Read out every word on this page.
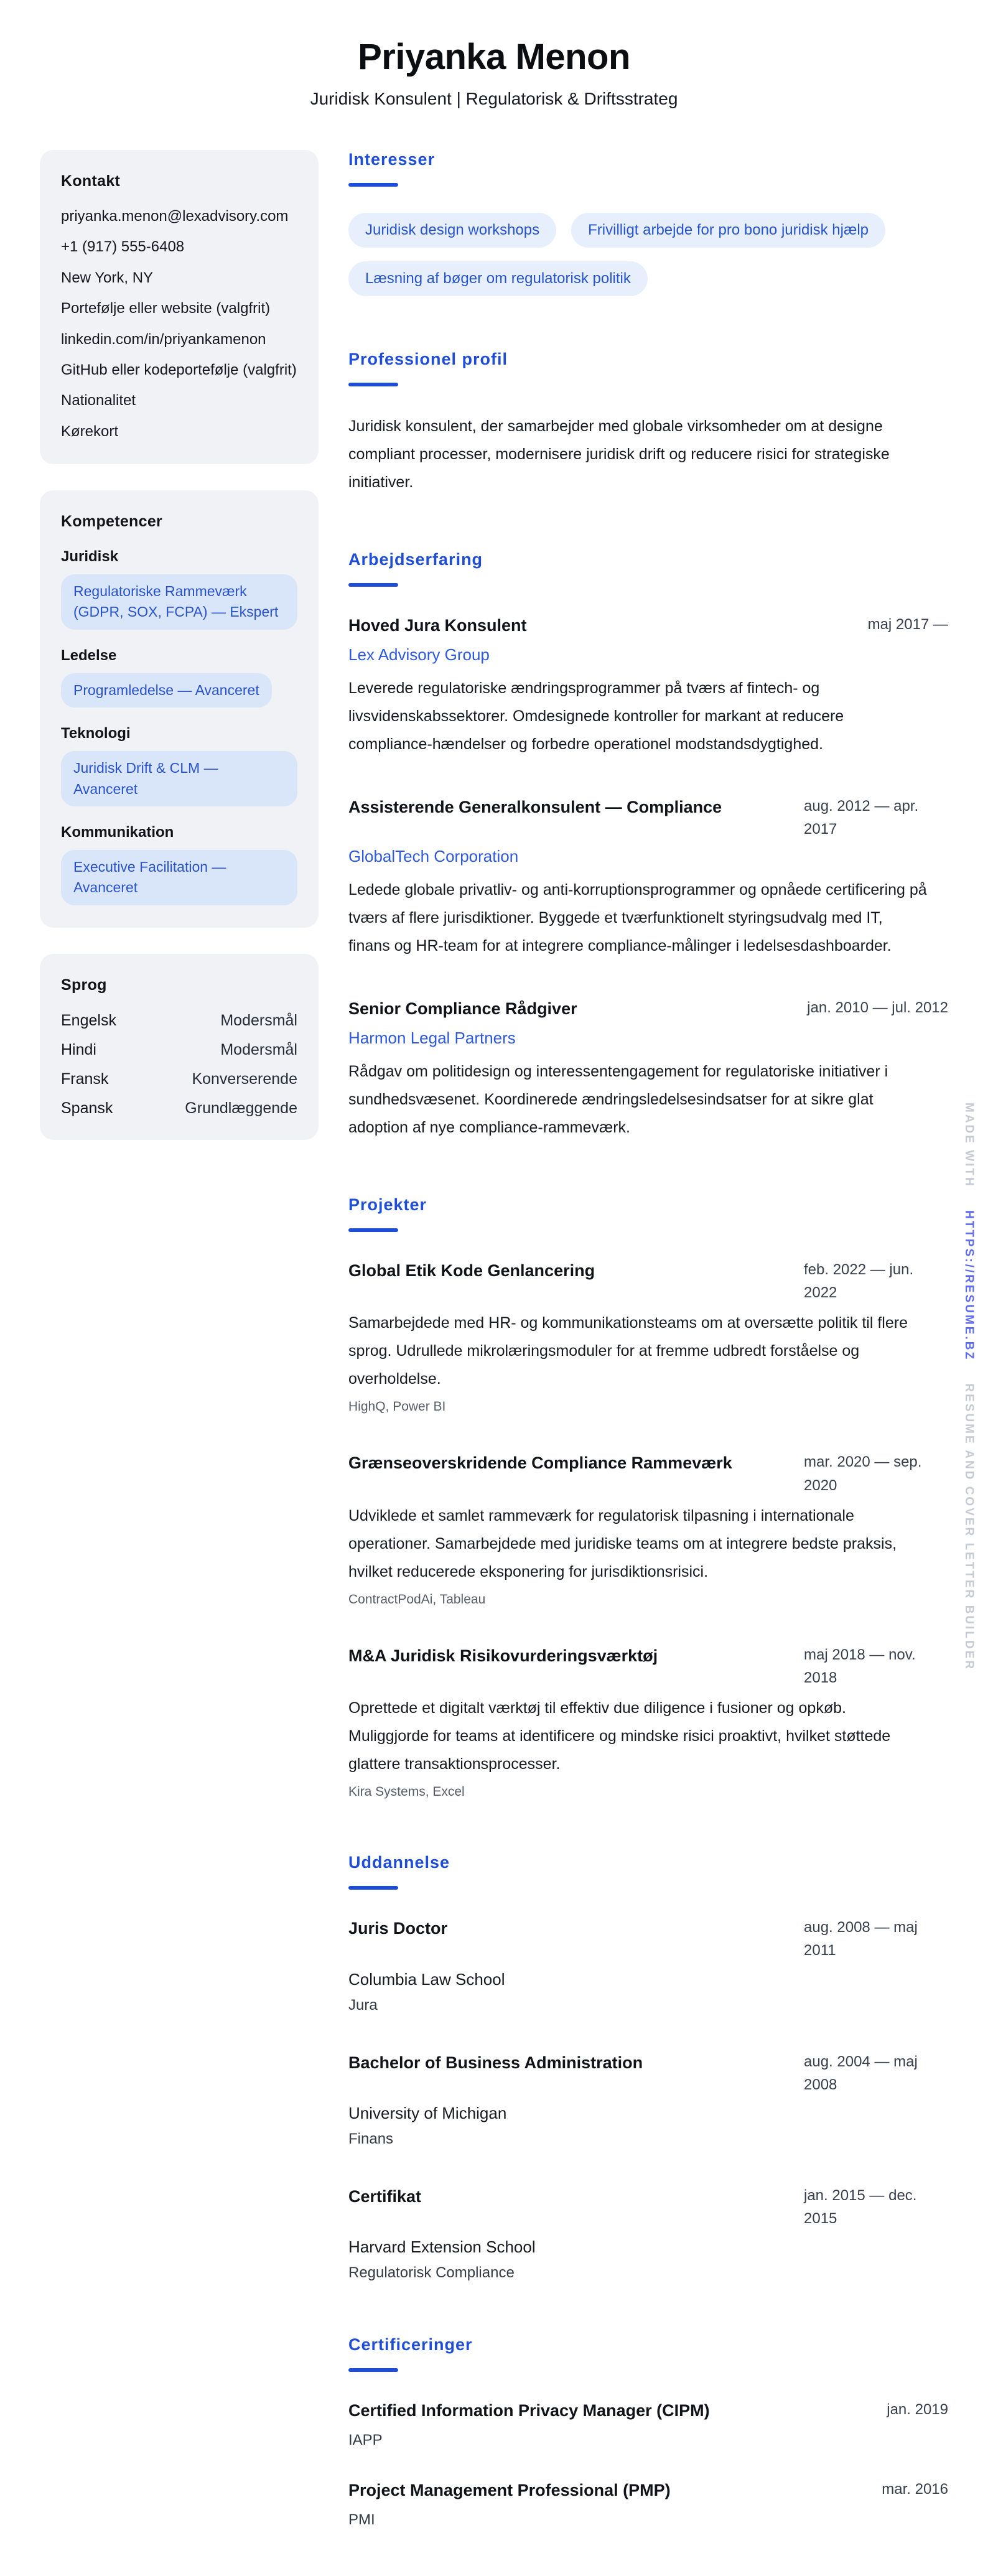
Priyanka Menon
Juridisk Konsulent | Regulatorisk & Driftsstrateg
Kontakt
priyanka.menon@lexadvisory.com
+1 (917) 555-6408
New York, NY
Portefølje eller website (valgfrit)
linkedin.com/in/priyankamenon
GitHub eller kodeportefølje (valgfrit)
Nationalitet
Kørekort
Kompetencer
Juridisk
Regulatoriske Rammeværk (GDPR, SOX, FCPA) — Ekspert
Ledelse
Programledelse — Avanceret
Teknologi
Juridisk Drift & CLM — Avanceret
Kommunikation
Executive Facilitation — Avanceret
Sprog
Engelsk	Modersmål
Hindi	Modersmål
Fransk	Konverserende
Spansk	Grundlæggende
Interesser
Juridisk design workshops	Frivilligt arbejde for pro bono juridisk hjælp
Læsning af bøger om regulatorisk politik
Professionel profil
Juridisk konsulent, der samarbejder med globale virksomheder om at designe compliant processer, modernisere juridisk drift og reducere risici for strategiske initiativer.
Arbejdserfaring
Hoved Jura Konsulent	maj 2017 —
Lex Advisory Group
Leverede regulatoriske ændringsprogrammer på tværs af fintech- og livsvidenskabssektorer. Omdesignede kontroller for markant at reducere compliance-hændelser og forbedre operationel modstandsdygtighed.
Assisterende Generalkonsulent — Compliance	aug. 2012 — apr. 2017
GlobalTech Corporation
Ledede globale privatliv- og anti-korruptionsprogrammer og opnåede certificering på tværs af flere jurisdiktioner. Byggede et tværfunktionelt styringsudvalg med IT, finans og HR-team for at integrere compliance-målinger i ledelsesdashboarder.
Senior Compliance Rådgiver	jan. 2010 — jul. 2012
Harmon Legal Partners
Rådgav om politidesign og interessentengagement for regulatoriske initiativer i sundhedsvæsenet. Koordinerede ændringsledelsesindsatser for at sikre glat adoption af nye compliance-rammeværk.
Projekter
Global Etik Kode Genlancering	feb. 2022 — jun. 2022
Samarbejdede med HR- og kommunikationsteams om at oversætte politik til flere sprog. Udrullede mikrolæringsmoduler for at fremme udbredt forståelse og overholdelse.
HighQ, Power BI
Grænseoverskridende Compliance Rammeværk	mar. 2020 — sep. 2020
Udviklede et samlet rammeværk for regulatorisk tilpasning i internationale operationer. Samarbejdede med juridiske teams om at integrere bedste praksis, hvilket reducerede eksponering for jurisdiktionsrisici.
ContractPodAi, Tableau
M&A Juridisk Risikovurderingsværktøj	maj 2018 — nov. 2018
Oprettede et digitalt værktøj til effektiv due diligence i fusioner og opkøb. Muliggjorde for teams at identificere og mindske risici proaktivt, hvilket støttede glattere transaktionsprocesser.
Kira Systems, Excel
Uddannelse
Juris Doctor	aug. 2008 — maj 2011
Columbia Law School
Jura
Bachelor of Business Administration	aug. 2004 — maj 2008
University of Michigan
Finans
Certifikat	jan. 2015 — dec. 2015
Harvard Extension School
Regulatorisk Compliance
Certificeringer
Certified Information Privacy Manager (CIPM)	jan. 2019
IAPP
Project Management Professional (PMP)	mar. 2016
PMI
MADE WITH HTTPS://RESUME.BZ RESUME AND COVER LETTER BUILDER
